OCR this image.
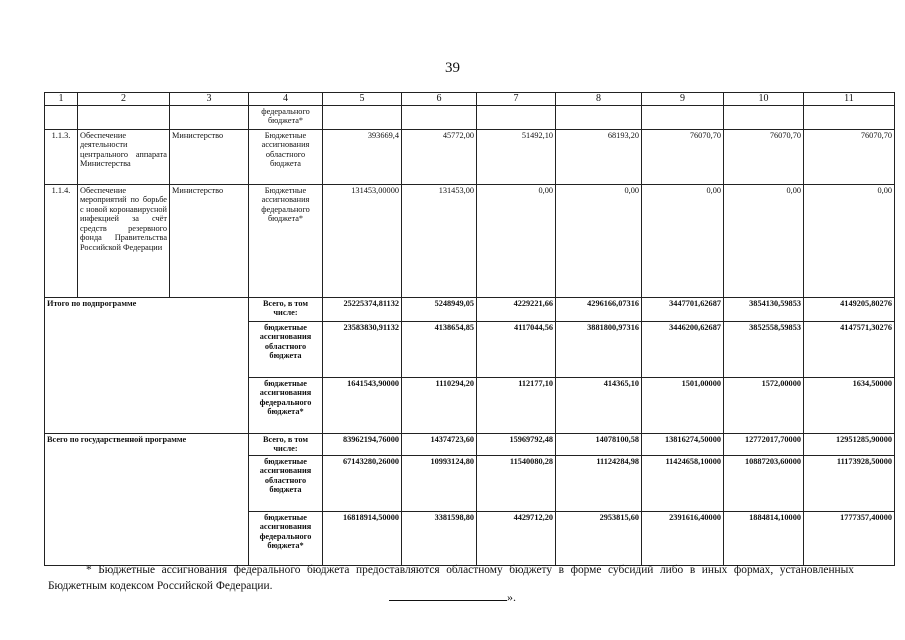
39
1	2	3	4	5	6	7	8	9	10	11
			федерального бюджета*							
1.1.3.	Обеспечение деятельности центрального аппарата Министерства	Министерство	Бюджетные ассигнования областного бюджета	393669,4	45772,00	51492,10	68193,20	76070,70	76070,70	76070,70
1.1.4.	Обеспечение мероприятий по борьбе с новой коронавирусной инфекцией за счёт средств резервного фонда Правительства Российской Федерации	Министерство	Бюджетные ассигнования федерального бюджета*	131453,00000	131453,00	0,00	0,00	0,00	0,00	0,00
Итого по подпрограмме			Всего, в том числе:	25225374,81132	5248949,05	4229221,66	4296166,07316	3447701,62687	3854130,59853	4149205,80276
			бюджетные ассигнования областного бюджета	23583830,91132	4138654,85	4117044,56	3881800,97316	3446200,62687	3852558,59853	4147571,30276
			бюджетные ассигнования федерального бюджета*	1641543,90000	1110294,20	112177,10	414365,10	1501,00000	1572,00000	1634,50000
Всего по государственной программе			Всего, в том числе:	83962194,76000	14374723,60	15969792,48	14078100,58	13816274,50000	12772017,70000	12951285,90000
			бюджетные ассигнования областного бюджета	67143280,26000	10993124,80	11540080,28	11124284,98	11424658,10000	10887203,60000	11173928,50000
			бюджетные ассигнования федерального бюджета*	16818914,50000	3381598,80	4429712,20	2953815,60	2391616,40000	1884814,10000	1777357,40000
* Бюджетные ассигнования федерального бюджета предоставляются областному бюджету в форме субсидий либо в иных формах, установленных Бюджетным кодексом Российской Федерации.
».
